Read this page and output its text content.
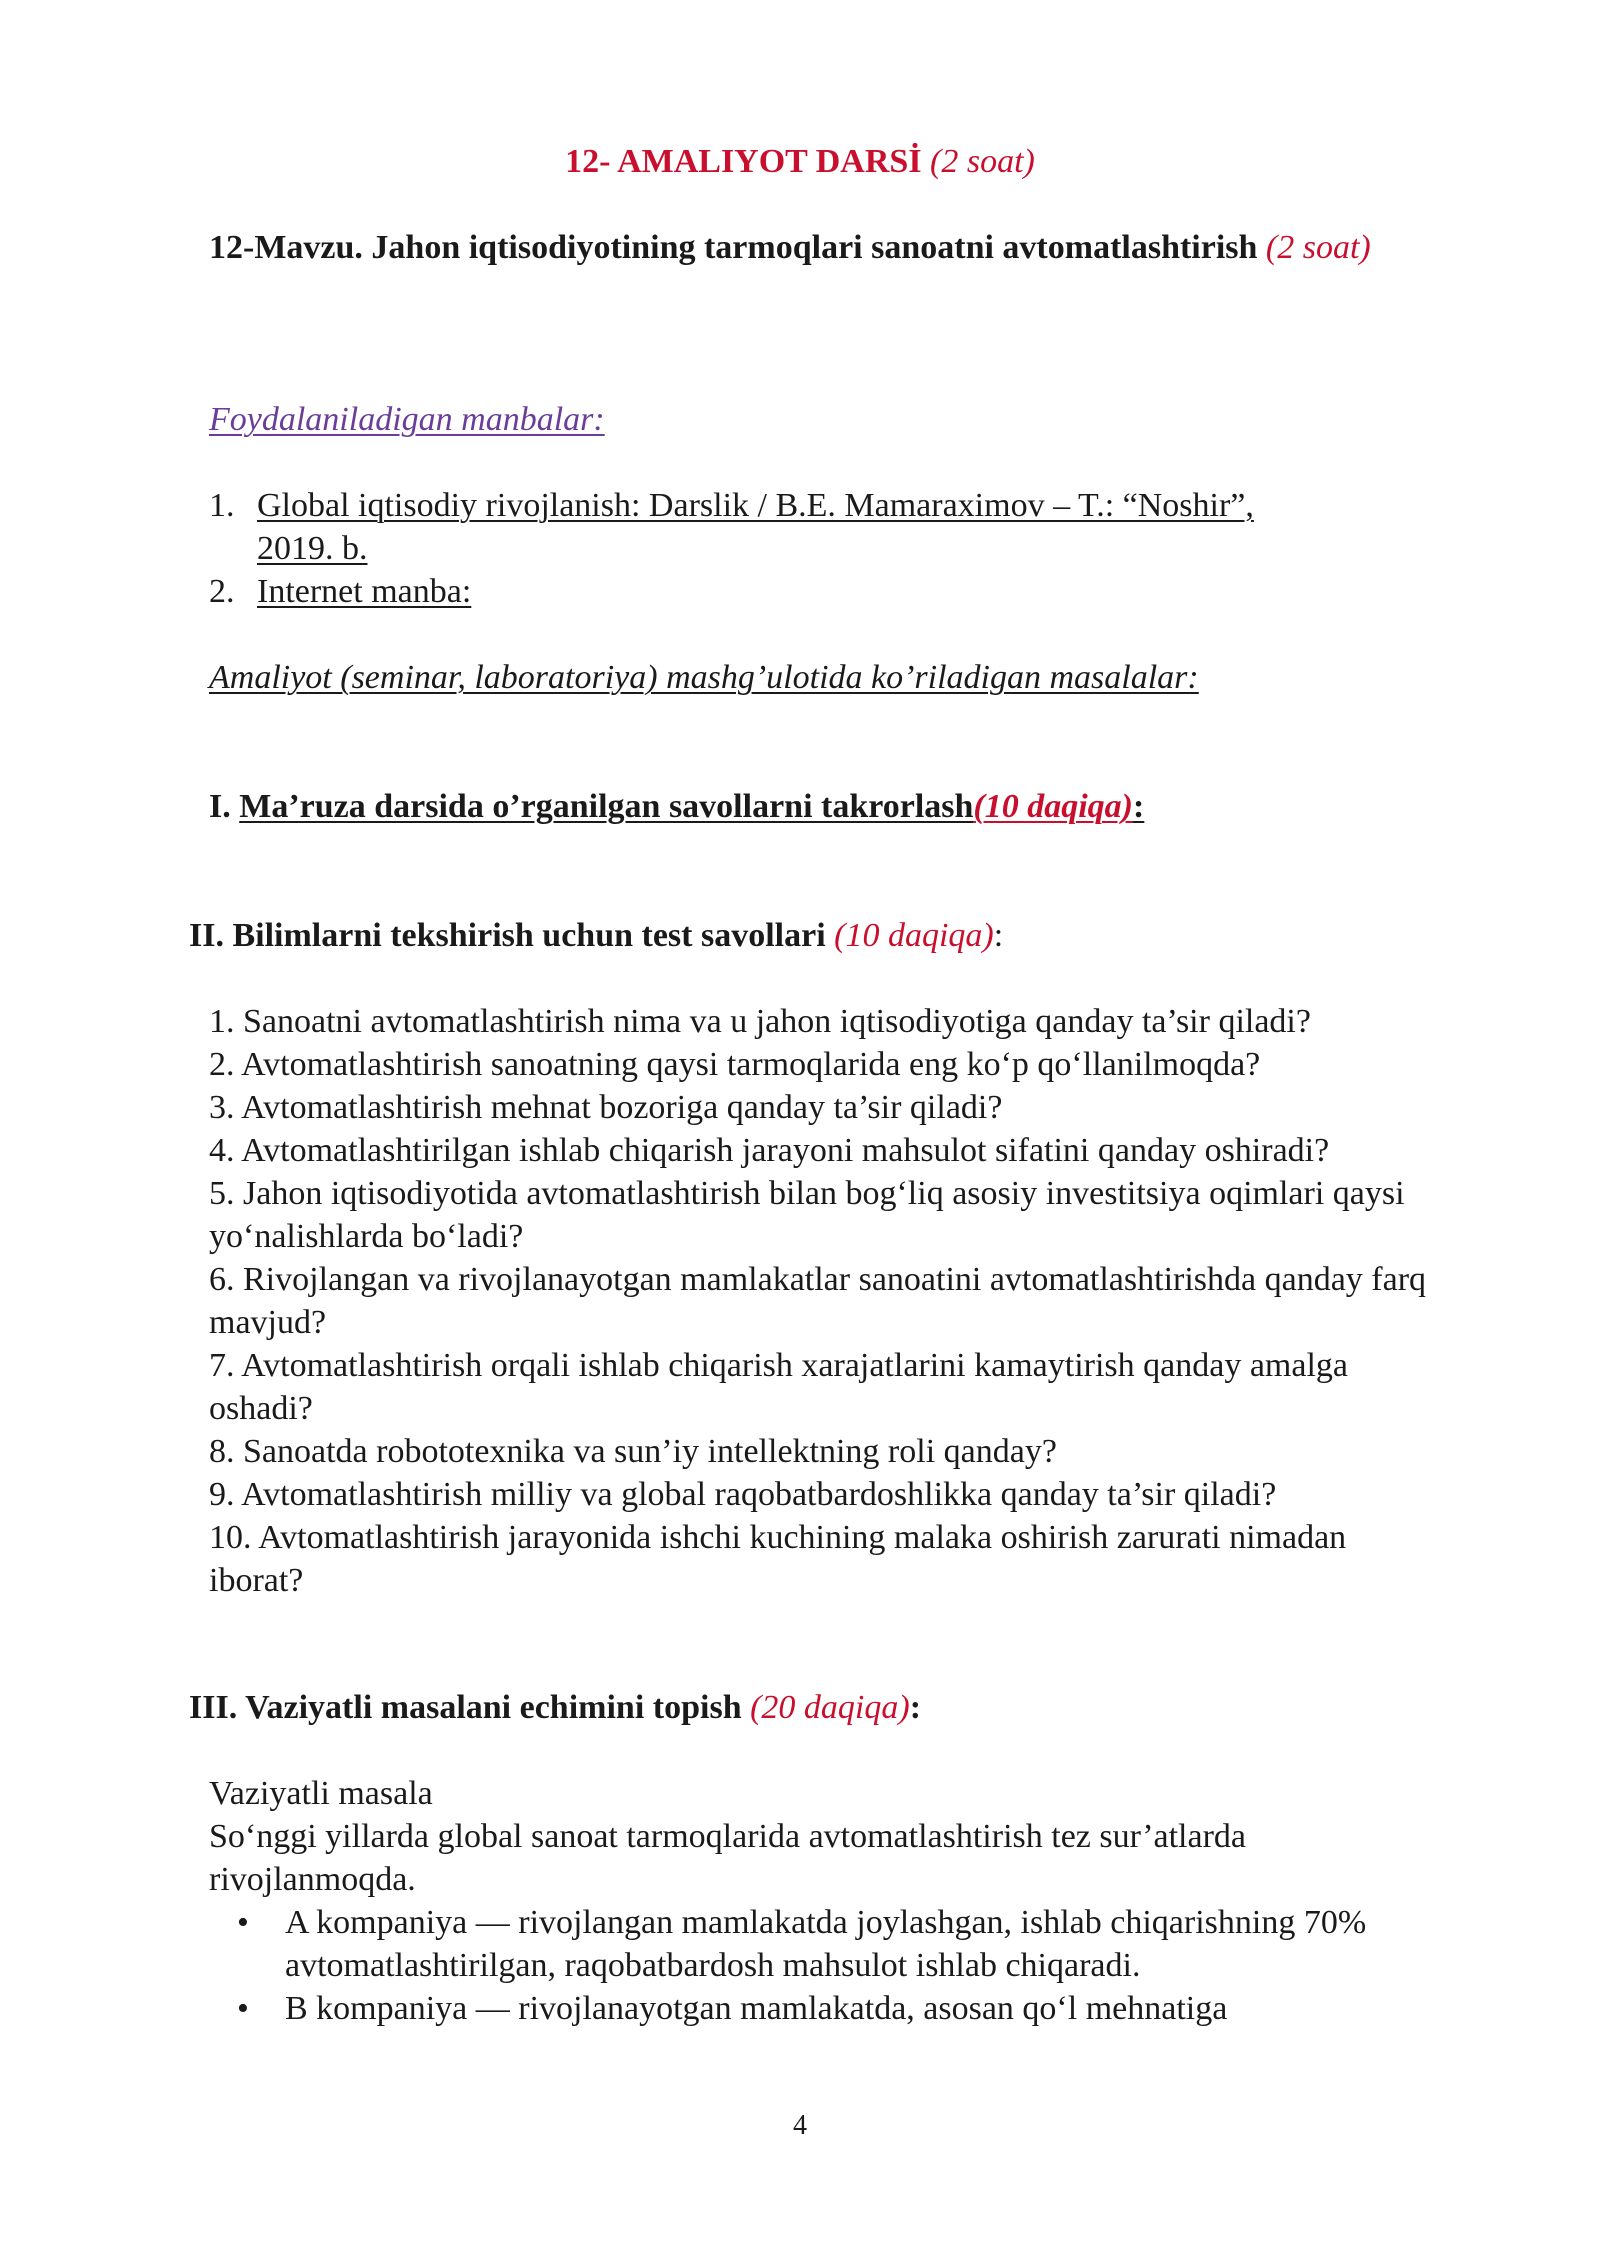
12- AMALIYOT DARSİ (2 soat)
12-Mavzu. Jahon iqtisodiyotining tarmoqlari sanoatni avtomatlashtirish (2 soat)
Foydalaniladigan manbalar:
1. Global iqtisodiy rivojlanish: Darslik / B.E. Mamaraximov – T.: “Noshir”,
2019. b.
2. Internet manba:
Amaliyot (seminar, laboratoriya) mashg’ulotida ko’riladigan masalalar:
I. Ma’ruza darsida o’rganilgan savollarni takrorlash(10 daqiqa):
II. Bilimlarni tekshirish uchun test savollari (10 daqiqa):

1. Sanoatni avtomatlashtirish nima va u jahon iqtisodiyotiga qanday ta’sir qiladi?

2. Avtomatlashtirish sanoatning qaysi tarmoqlarida eng ko‘p qo‘llanilmoqda?

3. Avtomatlashtirish mehnat bozoriga qanday ta’sir qiladi?

4. Avtomatlashtirilgan ishlab chiqarish jarayoni mahsulot sifatini qanday oshiradi?

5. Jahon iqtisodiyotida avtomatlashtirish bilan bog‘liq asosiy investitsiya oqimlari qaysi yo‘nalishlarda bo‘ladi?

6. Rivojlangan va rivojlanayotgan mamlakatlar sanoatini avtomatlashtirishda qanday farq mavjud?

7. Avtomatlashtirish orqali ishlab chiqarish xarajatlarini kamaytirish qanday amalga oshadi?

8. Sanoatda robototexnika va sun’iy intellektning roli qanday?

9. Avtomatlashtirish milliy va global raqobatbardoshlikka qanday ta’sir qiladi?

10. Avtomatlashtirish jarayonida ishchi kuchining malaka oshirish zarurati nimadan iborat?

III. Vaziyatli masalani echimini topish (20 daqiqa):
Vaziyatli masala
So‘nggi yillarda global sanoat tarmoqlarida avtomatlashtirish tez sur’atlarda rivojlanmoqda.
• A kompaniya — rivojlangan mamlakatda joylashgan, ishlab chiqarishning 70% avtomatlashtirilgan, raqobatbardosh mahsulot ishlab chiqaradi.
• B kompaniya — rivojlanayotgan mamlakatda, asosan qo‘l mehnatiga
4
